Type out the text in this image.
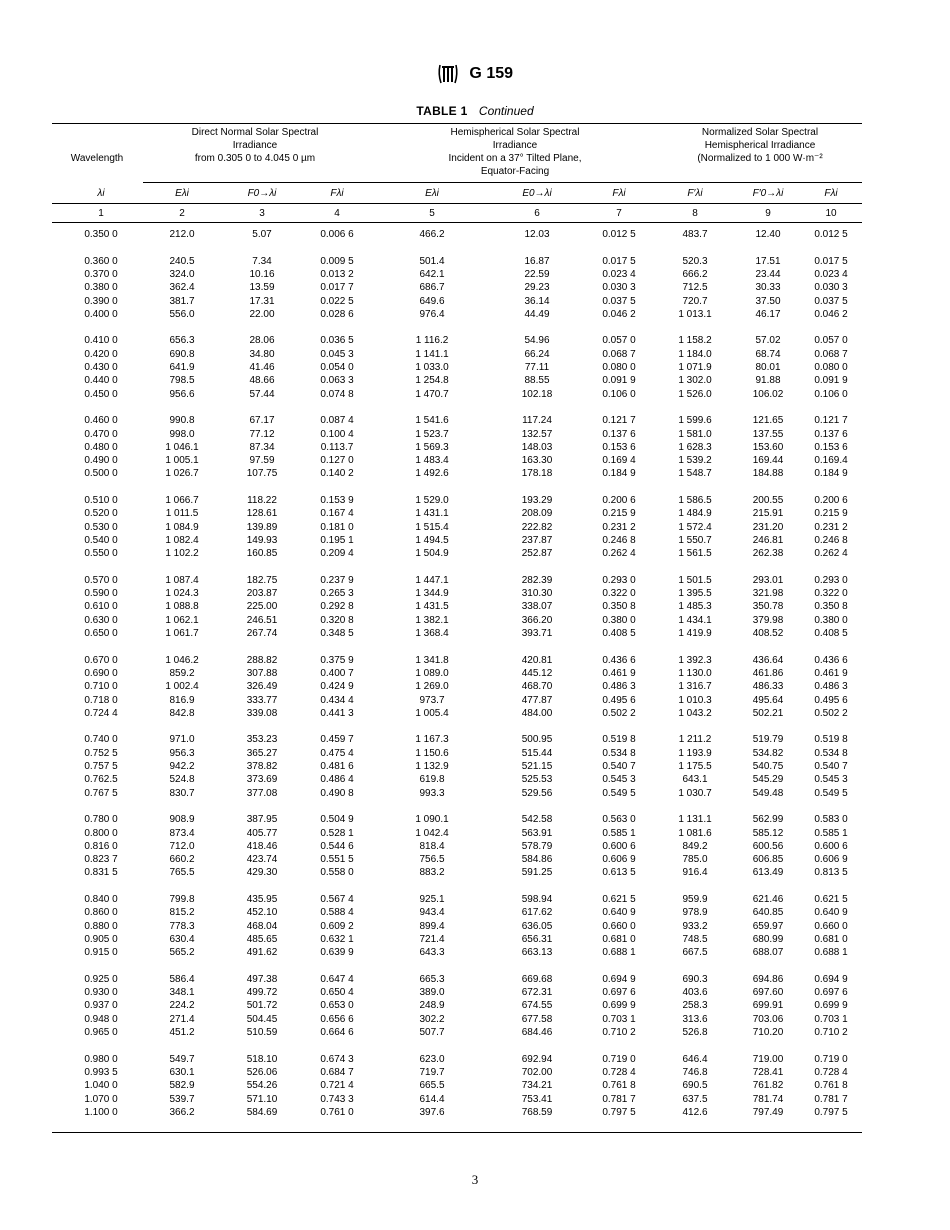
G 159
TABLE 1 Continued
Wavelength
Direct Normal Solar Spectral
Irradiance
from 0.305 0 to 4.045 0 µm
Hemispherical Solar Spectral
Irradiance
Incident on a 37° Tilted Plane,
Equator-Facing
Normalized Solar Spectral
Hemispherical Irradiance
(Normalized to 1 000 W·m⁻²
λi	Eλi	F0→λi	Fλi	Eλi	E0→λi	Fλi	F′λi	F′0→λi	Fλi
1	2	3	4	5	6	7	8	9	10
0.350 0	212.0	5.07	0.006 6	466.2	12.03	0.012 5	483.7	12.40	0.012 5
0.360 0	240.5	7.34	0.009 5	501.4	16.87	0.017 5	520.3	17.51	0.017 5
0.370 0	324.0	10.16	0.013 2	642.1	22.59	0.023 4	666.2	23.44	0.023 4
0.380 0	362.4	13.59	0.017 7	686.7	29.23	0.030 3	712.5	30.33	0.030 3
0.390 0	381.7	17.31	0.022 5	649.6	36.14	0.037 5	720.7	37.50	0.037 5
0.400 0	556.0	22.00	0.028 6	976.4	44.49	0.046 2	1 013.1	46.17	0.046 2
0.410 0	656.3	28.06	0.036 5	1 116.2	54.96	0.057 0	1 158.2	57.02	0.057 0
0.420 0	690.8	34.80	0.045 3	1 141.1	66.24	0.068 7	1 184.0	68.74	0.068 7
0.430 0	641.9	41.46	0.054 0	1 033.0	77.11	0.080 0	1 071.9	80.01	0.080 0
0.440 0	798.5	48.66	0.063 3	1 254.8	88.55	0.091 9	1 302.0	91.88	0.091 9
0.450 0	956.6	57.44	0.074 8	1 470.7	102.18	0.106 0	1 526.0	106.02	0.106 0
0.460 0	990.8	67.17	0.087 4	1 541.6	117.24	0.121 7	1 599.6	121.65	0.121 7
0.470 0	998.0	77.12	0.100 4	1 523.7	132.57	0.137 6	1 581.0	137.55	0.137 6
0.480 0	1 046.1	87.34	0.113.7	1 569.3	148.03	0.153 6	1 628.3	153.60	0.153 6
0.490 0	1 005.1	97.59	0.127 0	1 483.4	163.30	0.169 4	1 539.2	169.44	0.169.4
0.500 0	1 026.7	107.75	0.140 2	1 492.6	178.18	0.184 9	1 548.7	184.88	0.184 9
0.510 0	1 066.7	118.22	0.153 9	1 529.0	193.29	0.200 6	1 586.5	200.55	0.200 6
0.520 0	1 011.5	128.61	0.167 4	1 431.1	208.09	0.215 9	1 484.9	215.91	0.215 9
0.530 0	1 084.9	139.89	0.181 0	1 515.4	222.82	0.231 2	1 572.4	231.20	0.231 2
0.540 0	1 082.4	149.93	0.195 1	1 494.5	237.87	0.246 8	1 550.7	246.81	0.246 8
0.550 0	1 102.2	160.85	0.209 4	1 504.9	252.87	0.262 4	1 561.5	262.38	0.262 4
0.570 0	1 087.4	182.75	0.237 9	1 447.1	282.39	0.293 0	1 501.5	293.01	0.293 0
0.590 0	1 024.3	203.87	0.265 3	1 344.9	310.30	0.322 0	1 395.5	321.98	0.322 0
0.610 0	1 088.8	225.00	0.292 8	1 431.5	338.07	0.350 8	1 485.3	350.78	0.350 8
0.630 0	1 062.1	246.51	0.320 8	1 382.1	366.20	0.380 0	1 434.1	379.98	0.380 0
0.650 0	1 061.7	267.74	0.348 5	1 368.4	393.71	0.408 5	1 419.9	408.52	0.408 5
0.670 0	1 046.2	288.82	0.375 9	1 341.8	420.81	0.436 6	1 392.3	436.64	0.436 6
0.690 0	859.2	307.88	0.400 7	1 089.0	445.12	0.461 9	1 130.0	461.86	0.461 9
0.710 0	1 002.4	326.49	0.424 9	1 269.0	468.70	0.486 3	1 316.7	486.33	0.486 3
0.718 0	816.9	333.77	0.434 4	973.7	477.87	0.495 6	1 010.3	495.64	0.495 6
0.724 4	842.8	339.08	0.441 3	1 005.4	484.00	0.502 2	1 043.2	502.21	0.502 2
0.740 0	971.0	353.23	0.459 7	1 167.3	500.95	0.519 8	1 211.2	519.79	0.519 8
0.752 5	956.3	365.27	0.475 4	1 150.6	515.44	0.534 8	1 193.9	534.82	0.534 8
0.757 5	942.2	378.82	0.481 6	1 132.9	521.15	0.540 7	1 175.5	540.75	0.540 7
0.762.5	524.8	373.69	0.486 4	619.8	525.53	0.545 3	643.1	545.29	0.545 3
0.767 5	830.7	377.08	0.490 8	993.3	529.56	0.549 5	1 030.7	549.48	0.549 5
0.780 0	908.9	387.95	0.504 9	1 090.1	542.58	0.563 0	1 131.1	562.99	0.583 0
0.800 0	873.4	405.77	0.528 1	1 042.4	563.91	0.585 1	1 081.6	585.12	0.585 1
0.816 0	712.0	418.46	0.544 6	818.4	578.79	0.600 6	849.2	600.56	0.600 6
0.823 7	660.2	423.74	0.551 5	756.5	584.86	0.606 9	785.0	606.85	0.606 9
0.831 5	765.5	429.30	0.558 0	883.2	591.25	0.613 5	916.4	613.49	0.813 5
0.840 0	799.8	435.95	0.567 4	925.1	598.94	0.621 5	959.9	621.46	0.621 5
0.860 0	815.2	452.10	0.588 4	943.4	617.62	0.640 9	978.9	640.85	0.640 9
0.880 0	778.3	468.04	0.609 2	899.4	636.05	0.660 0	933.2	659.97	0.660 0
0.905 0	630.4	485.65	0.632 1	721.4	656.31	0.681 0	748.5	680.99	0.681 0
0.915 0	565.2	491.62	0.639 9	643.3	663.13	0.688 1	667.5	688.07	0.688 1
0.925 0	586.4	497.38	0.647 4	665.3	669.68	0.694 9	690.3	694.86	0.694 9
0.930 0	348.1	499.72	0.650 4	389.0	672.31	0.697 6	403.6	697.60	0.697 6
0.937 0	224.2	501.72	0.653 0	248.9	674.55	0.699 9	258.3	699.91	0.699 9
0.948 0	271.4	504.45	0.656 6	302.2	677.58	0.703 1	313.6	703.06	0.703 1
0.965 0	451.2	510.59	0.664 6	507.7	684.46	0.710 2	526.8	710.20	0.710 2
0.980 0	549.7	518.10	0.674 3	623.0	692.94	0.719 0	646.4	719.00	0.719 0
0.993 5	630.1	526.06	0.684 7	719.7	702.00	0.728 4	746.8	728.41	0.728 4
1.040 0	582.9	554.26	0.721 4	665.5	734.21	0.761 8	690.5	761.82	0.761 8
1.070 0	539.7	571.10	0.743 3	614.4	753.41	0.781 7	637.5	781.74	0.781 7
1.100 0	366.2	584.69	0.761 0	397.6	768.59	0.797 5	412.6	797.49	0.797 5
3
